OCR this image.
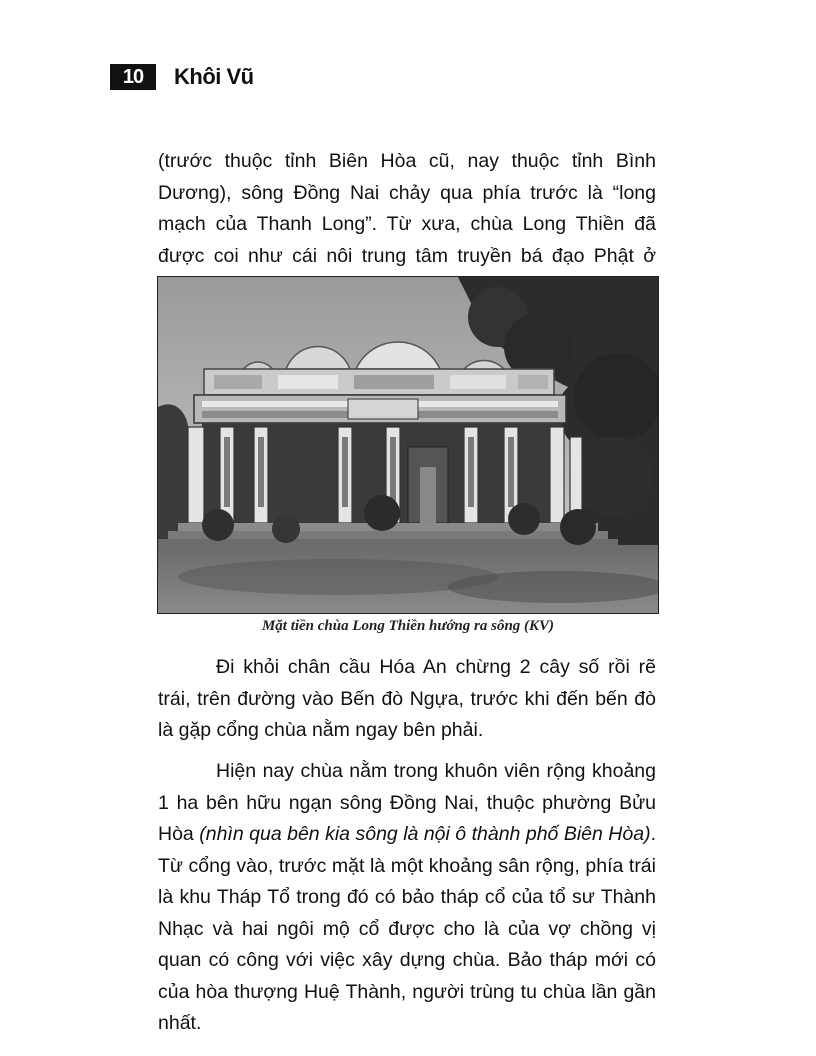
10	Khôi Vũ

(trước thuộc tỉnh Biên Hòa cũ, nay thuộc tỉnh Bình Dương), sông Đồng Nai chảy qua phía trước là “long mạch của Thanh Long”. Từ xưa, chùa Long Thiền đã được coi như cái nôi trung tâm truyền bá đạo Phật ở

Mặt tiền chùa Long Thiền hướng ra sông (KV)

Đi khỏi chân cầu Hóa An chừng 2 cây số rồi rẽ trái, trên đường vào Bến đò Ngựa, trước khi đến bến đò là gặp cổng chùa nằm ngay bên phải.

Hiện nay chùa nằm trong khuôn viên rộng khoảng 1 ha bên hữu ngạn sông Đồng Nai, thuộc phường Bửu Hòa (nhìn qua bên kia sông là nội ô thành phố Biên Hòa). Từ cổng vào, trước mặt là một khoảng sân rộng, phía trái là khu Tháp Tổ trong đó có bảo tháp cổ của tổ sư Thành Nhạc và hai ngôi mộ cổ được cho là của vợ chồng vị quan có công với việc xây dựng chùa. Bảo tháp mới có của hòa thượng Huệ Thành, người trùng tu chùa lần gần nhất.
